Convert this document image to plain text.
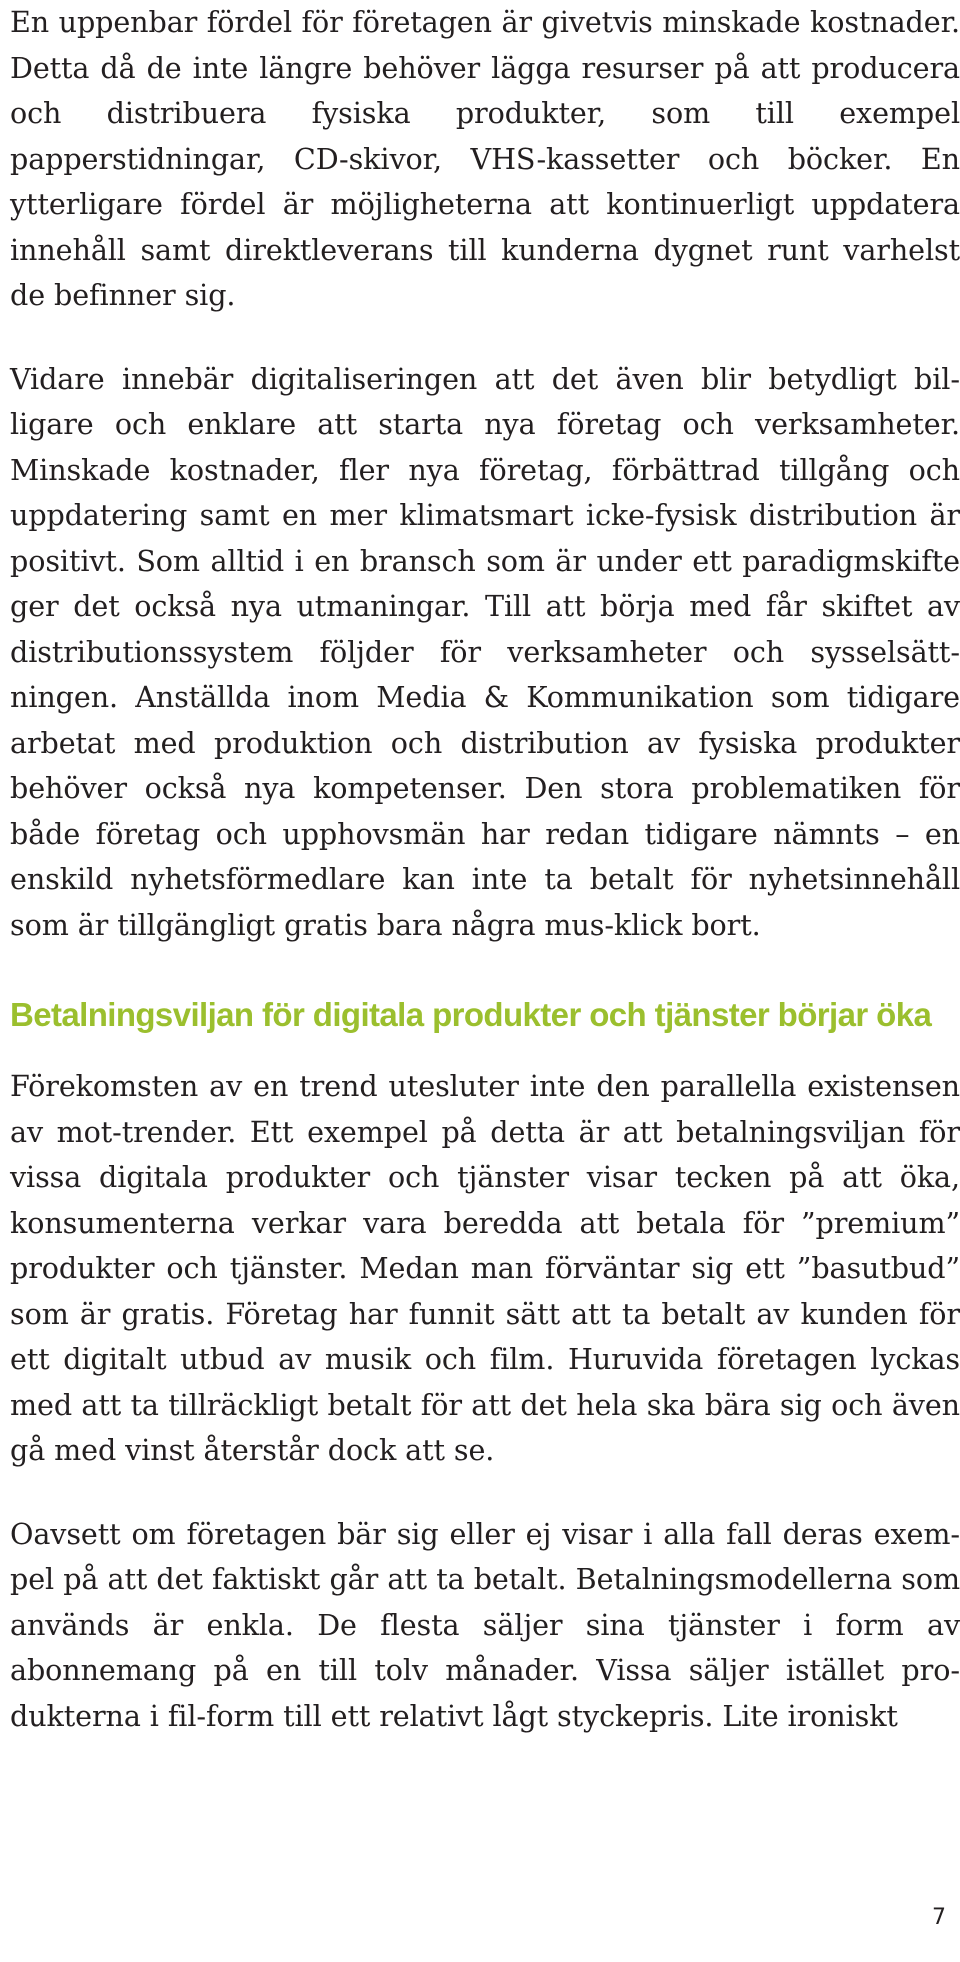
En uppenbar fördel för företagen är givetvis minskade kostnader. Detta då de inte längre behöver lägga resurser på att producera och distribuera fysiska produkter, som till exempel papperstidningar, CD-skivor, VHS-kassetter och böcker. En ytterligare fördel är möjligheterna att kontinuerligt uppdatera innehåll samt direktleverans till kunderna dygnet runt varhelst de befinner sig.

Vidare innebär digitaliseringen att det även blir betydligt billigare och enklare att starta nya företag och verksamheter. Minskade kostnader, fler nya företag, förbättrad tillgång och uppdatering samt en mer klimatsmart icke-fysisk distribution är positivt. Som alltid i en bransch som är under ett paradigmskifte ger det också nya utmaningar. Till att börja med får skiftet av distributionssystem följder för verksamheter och sysselsättningen. Anställda inom Media & Kommunikation som tidigare arbetat med produktion och distribution av fysiska produkter behöver också nya kompetenser. Den stora problematiken för både företag och upphovsmän har redan tidigare nämnts – en enskild nyhetsförmedlare kan inte ta betalt för nyhetsinnehåll som är tillgängligt gratis bara några mus-klick bort.

Betalningsviljan för digitala produkter och tjänster börjar öka

Förekomsten av en trend utesluter inte den parallella existensen av mot-trender. Ett exempel på detta är att betalningsviljan för vissa digitala produkter och tjänster visar tecken på att öka, konsumenterna verkar vara beredda att betala för ”premium” produkter och tjänster. Medan man förväntar sig ett ”basutbud” som är gratis. Företag har funnit sätt att ta betalt av kunden för ett digitalt utbud av musik och film. Huruvida företagen lyckas med att ta tillräckligt betalt för att det hela ska bära sig och även gå med vinst återstår dock att se.

Oavsett om företagen bär sig eller ej visar i alla fall deras exempel på att det faktiskt går att ta betalt. Betalningsmodellerna som används är enkla. De flesta säljer sina tjänster i form av abonnemang på en till tolv månader. Vissa säljer istället produkterna i fil-form till ett relativt lågt styckepris. Lite ironiskt

7
